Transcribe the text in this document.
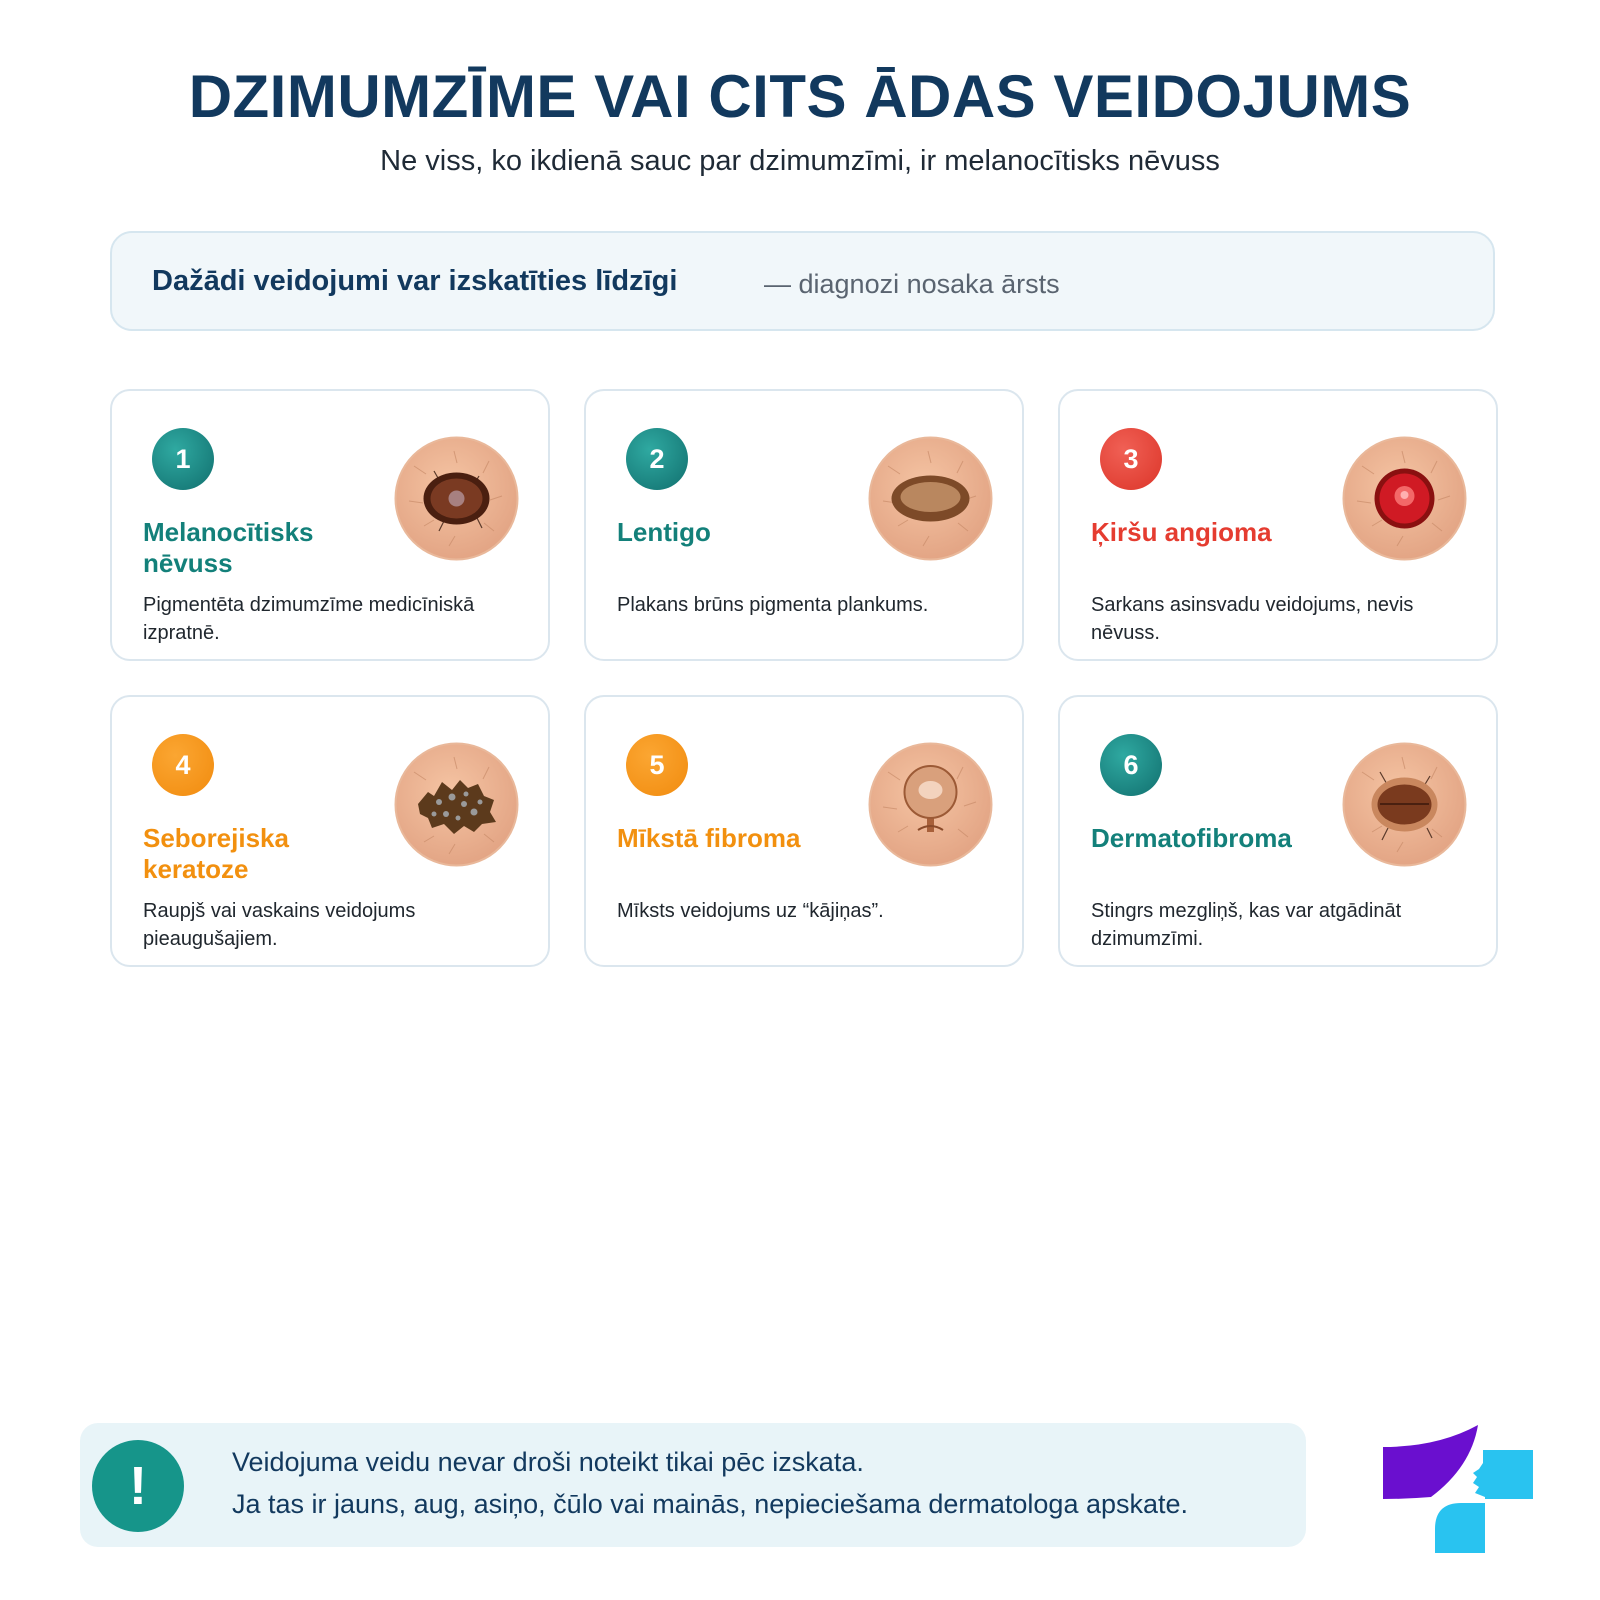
DZIMUMZĪME VAI CITS ĀDAS VEIDOJUMS
Ne viss, ko ikdienā sauc par dzimumzīmi, ir melanocītisks nēvuss
Dažādi veidojumi var izskatīties līdzīgi	— diagnozi nosaka ārsts
1
Melanocītisks nēvuss
Pigmentēta dzimumzīme medicīniskā izpratnē.
2
Lentigo
Plakans brūns pigmenta plankums.
3
Ķiršu angioma
Sarkans asinsvadu veidojums, nevis nēvuss.
4
Seborejiska keratoze
Raupjš vai vaskains veidojums pieaugušajiem.
5
Mīkstā fibroma
Mīksts veidojums uz “kājiņas”.
6
Dermatofibroma
Stingrs mezgliņš, kas var atgādināt dzimumzīmi.
!	Veidojuma veidu nevar droši noteikt tikai pēc izskata.
Ja tas ir jauns, aug, asiņo, čūlo vai mainās, nepieciešama dermatologa apskate.
